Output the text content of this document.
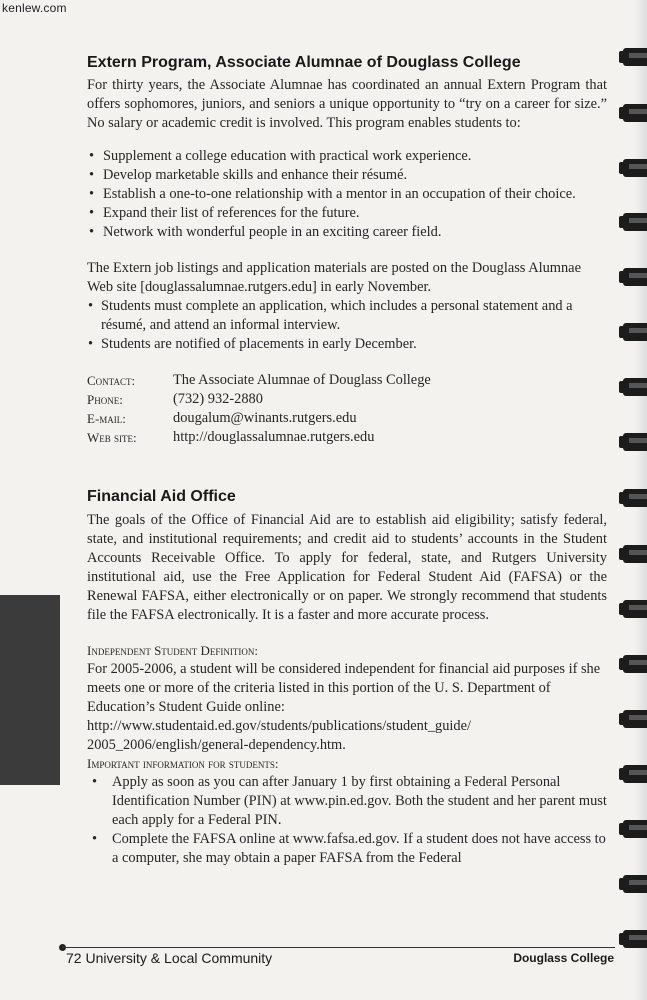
kenlew.com
Extern Program, Associate Alumnae of Douglass College

For thirty years, the Associate Alumnae has coordinated an annual Extern Program that offers sophomores, juniors, and seniors a unique opportunity to “try on a career for size.” No salary or academic credit is involved. This program enables students to:

• Supplement a college education with practical work experience.
• Develop marketable skills and enhance their résumé.
• Establish a one-to-one relationship with a mentor in an occupation of their choice.
• Expand their list of references for the future.
• Network with wonderful people in an exciting career field.

The Extern job listings and application materials are posted on the Douglass Alumnae Web site [douglassalumnae.rutgers.edu] in early November.

• Students must complete an application, which includes a personal statement and a résumé, and attend an informal interview.
• Students are notified of placements in early December.
Contact:	The Associate Alumnae of Douglass College
Phone:	(732) 932-2880
E-mail:	dougalum@winants.rutgers.edu
Web site:	http://douglassalumnae.rutgers.edu
Financial Aid Office

The goals of the Office of Financial Aid are to establish aid eligibility; satisfy federal, state, and institutional requirements; and credit aid to students’ accounts in the Student Accounts Receivable Office. To apply for federal, state, and Rutgers University institutional aid, use the Free Application for Federal Student Aid (FAFSA) or the Renewal FAFSA, either electronically or on paper. We strongly recommend that students file the FAFSA electronically. It is a faster and more accurate process.

Independent Student Definition:

For 2005-2006, a student will be considered independent for financial aid purposes if she meets one or more of the criteria listed in this portion of the U. S. Department of Education’s Student Guide online:

http://www.studentaid.ed.gov/students/publications/student_guide/

2005_2006/english/general-dependency.htm.

Important information for students:
• Apply as soon as you can after January 1 by first obtaining a Federal Personal Identification Number (PIN) at www.pin.ed.gov. Both the student and her parent must each apply for a Federal PIN.
• Complete the FAFSA online at www.fafsa.ed.gov. If a student does not have access to a computer, she may obtain a paper FAFSA from the Federal
72 University & Local Community	Douglass College
